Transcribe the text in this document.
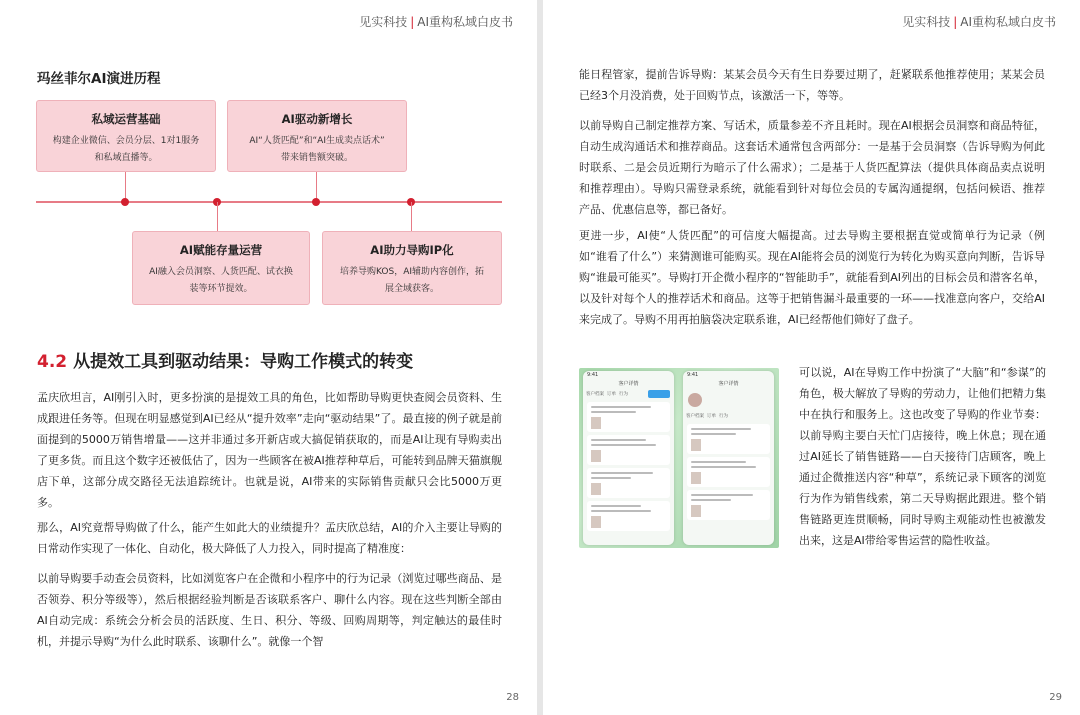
见实科技 | AI重构私域白皮书
玛丝菲尔AI演进历程
私域运营基础
构建企业微信、会员分层、1对1服务
和私域直播等。
AI驱动新增长
AI“人货匹配”和“AI生成卖点话术”
带来销售额突破。
AI赋能存量运营
AI融入会员洞察、人货匹配、试衣换
装等环节提效。
AI助力导购IP化
培养导购KOS，AI辅助内容创作，拓
展全域获客。
4.2 从提效工具到驱动结果：导购工作模式的转变
孟庆欣坦言，AI刚引入时，更多扮演的是提效工具的角色，比如帮助导购更快查阅会员资料、生成跟进任务等。但现在明显感觉到AI已经从“提升效率”走向“驱动结果”了。最直接的例子就是前面提到的5000万销售增量——这并非通过多开新店或大搞促销获取的，而是AI让现有导购卖出了更多货。而且这个数字还被低估了，因为一些顾客在被AI推荐种草后，可能转到品牌天猫旗舰店下单，这部分成交路径无法追踪统计。也就是说，AI带来的实际销售贡献只会比5000万更多。
那么，AI究竟帮导购做了什么，能产生如此大的业绩提升？孟庆欣总结，AI的介入主要让导购的日常动作实现了一体化、自动化，极大降低了人力投入，同时提高了精准度：
以前导购要手动查会员资料，比如浏览客户在企微和小程序中的行为记录（浏览过哪些商品、是否领券、积分等级等），然后根据经验判断是否该联系客户、聊什么内容。现在这些判断全部由AI自动完成：系统会分析会员的活跃度、生日、积分、等级、回购周期等，判定触达的最佳时机，并提示导购“为什么此时联系、该聊什么”。就像一个智
28
见实科技 | AI重构私域白皮书
能日程管家，提前告诉导购：某某会员今天有生日券要过期了，赶紧联系他推荐使用；某某会员已经3个月没消费，处于回购节点，该激活一下，等等。
以前导购自己制定推荐方案、写话术，质量参差不齐且耗时。现在AI根据会员洞察和商品特征，自动生成沟通话术和推荐商品。这套话术通常包含两部分：一是基于会员洞察（告诉导购为何此时联系、二是会员近期行为暗示了什么需求）；二是基于人货匹配算法（提供具体商品卖点说明和推荐理由）。导购只需登录系统，就能看到针对每位会员的专属沟通提纲，包括问候语、推荐产品、优惠信息等，都已备好。
更进一步，AI使“人货匹配”的可信度大幅提高。过去导购主要根据直觉或简单行为记录（例如“谁看了什么”）来猜测谁可能购买。现在AI能将会员的浏览行为转化为购买意向判断，告诉导购“谁最可能买”。导购打开企微小程序的“智能助手”，就能看到AI列出的目标会员和潜客名单，以及针对每个人的推荐话术和商品。这等于把销售漏斗最重要的一环——找准意向客户，交给AI来完成了。导购不用再拍脑袋决定联系谁，AI已经帮他们筛好了盘子。
9:41
客户详情
客户档案 订单 行为
9:41
客户详情
客户档案 订单 行为
可以说，AI在导购工作中扮演了“大脑”和“参谋”的角色，极大解放了导购的劳动力，让他们把精力集中在执行和服务上。这也改变了导购的作业节奏：以前导购主要白天忙门店接待，晚上休息；现在通过AI延长了销售链路——白天接待门店顾客，晚上通过企微推送内容“种草”，系统记录下顾客的浏览行为作为销售线索，第二天导购据此跟进。整个销售链路更连贯顺畅，同时导购主观能动性也被激发出来，这是AI带给零售运营的隐性收益。
29
